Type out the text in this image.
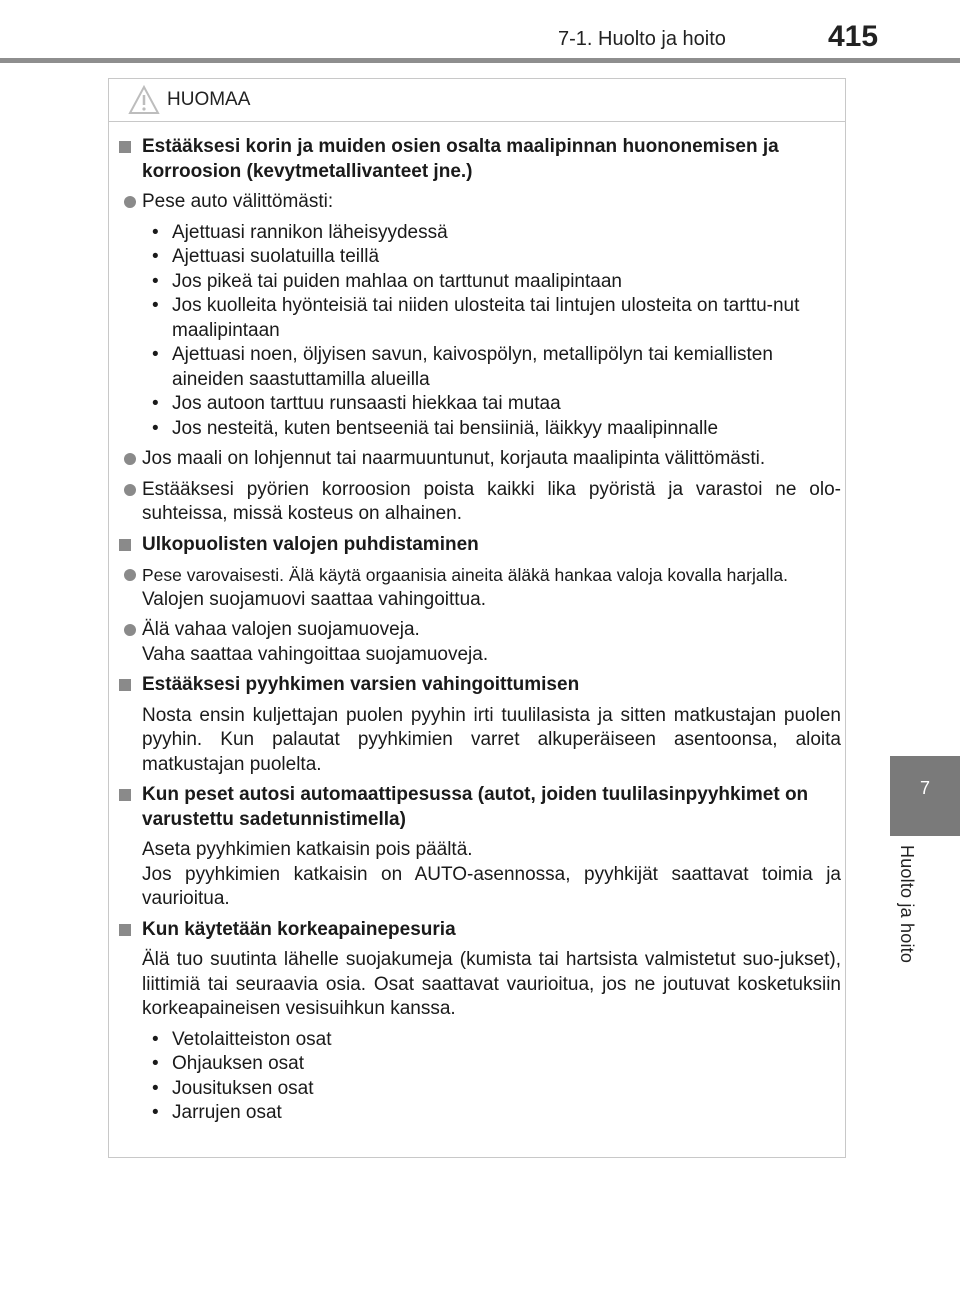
7-1. Huolto ja hoito	415
7
Huolto ja hoito
HUOMAA
Estääksesi korin ja muiden osien osalta maalipinnan huononemisen ja korroosion (kevytmetallivanteet jne.)
Pese auto välittömästi:
• Ajettuasi rannikon läheisyydessä
• Ajettuasi suolatuilla teillä
• Jos pikeä tai puiden mahlaa on tarttunut maalipintaan
• Jos kuolleita hyönteisiä tai niiden ulosteita tai lintujen ulosteita on tarttu-nut maalipintaan
• Ajettuasi noen, öljyisen savun, kaivospölyn, metallipölyn tai kemiallisten aineiden saastuttamilla alueilla
• Jos autoon tarttuu runsaasti hiekkaa tai mutaa
• Jos nesteitä, kuten bentseeniä tai bensiiniä, läikkyy maalipinnalle
Jos maali on lohjennut tai naarmuuntunut, korjauta maalipinta välittömästi.
Estääksesi pyörien korroosion poista kaikki lika pyöristä ja varastoi ne olo-suhteissa, missä kosteus on alhainen.
Ulkopuolisten valojen puhdistaminen
Pese varovaisesti. Älä käytä orgaanisia aineita äläkä hankaa valoja kovalla harjalla.
Valojen suojamuovi saattaa vahingoittua.
Älä vahaa valojen suojamuoveja.
Vaha saattaa vahingoittaa suojamuoveja.
Estääksesi pyyhkimen varsien vahingoittumisen
Nosta ensin kuljettajan puolen pyyhin irti tuulilasista ja sitten matkustajan puolen pyyhin. Kun palautat pyyhkimien varret alkuperäiseen asentoonsa, aloita matkustajan puolelta.
Kun peset autosi automaattipesussa (autot, joiden tuulilasinpyyhkimet on varustettu sadetunnistimella)
Aseta pyyhkimien katkaisin pois päältä.
Jos pyyhkimien katkaisin on AUTO-asennossa, pyyhkijät saattavat toimia ja vaurioitua.
Kun käytetään korkeapainepesuria
Älä tuo suutinta lähelle suojakumeja (kumista tai hartsista valmistetut suo-jukset), liittimiä tai seuraavia osia. Osat saattavat vaurioitua, jos ne joutuvat kosketuksiin korkeapaineisen vesisuihkun kanssa.
• Vetolaitteiston osat
• Ohjauksen osat
• Jousituksen osat
• Jarrujen osat
